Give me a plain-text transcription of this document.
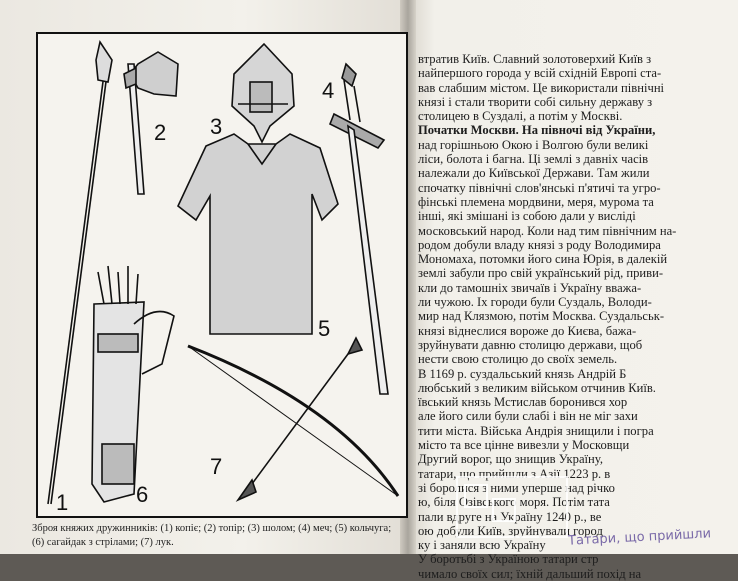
1
2 3
4
5
6
7
Зброя княжих дружинників: (1) копіє; (2) топір; (3) шолом; (4) меч; (5) кольчуга; (6) сагайдак з стрілами; (7) лук.
втратив Київ. Славний золотоверхий Київ з
найпершого города у всій східній Европі ста-
вав слабшим містом. Це використали північні
князі і стали творити собі сильну державу з
столицею в Суздалі, а потім у Москві.
Початки Москви. На півночі від України,
над горішньою Окою і Волгою були великі
ліси, болота і багна. Ці землі з давніх часів
належали до Київської Держави. Там жили
спочатку північні слов'янські п'ятичі та угро-
фінські племена мордвини, меря, мурома та
інші, які змішані із собою дали у висліді
московський народ. Коли над тим північним на-
родом добули владу князі з роду Володимира
Мономаха, потомки його сина Юрія, в далекій
землі забули про свій український рід, приви-
кли до тамошніх звичаїв і Україну вважа-
ли чужою. Іх городи були Суздаль, Володи-
мир над Клязмою, потім Москва. Суздальськ-
князі віднеслися вороже до Києва, бажа-
зруйнувати давню столицю держави, щоб
нести свою столицю до своїх земель.
В 1169 р. суздальський князь Андрій Б
любський з великим військом отчинив Київ.
ївський князь Мстислав боронився хор
але його сили були слабі і він не міг захи
тити міста. Війська Андрія знищили і погра
місто та все цінне вивезли у Московщи
Другий ворог, що знищив Україну,
татари, що прийшли з Азії 1223 р. в
зі боролися з ними уперше над річко
ю, біля Озівського моря. Потім тата
пали вдруге на Україну 1240 р., ве
ою добули Київ, зруйнували город
ку і заняли всю Україну
У боротьбі з Україною татари стр
чимало своїх сил; їхній дальший похід на
Татари, що прийшли
